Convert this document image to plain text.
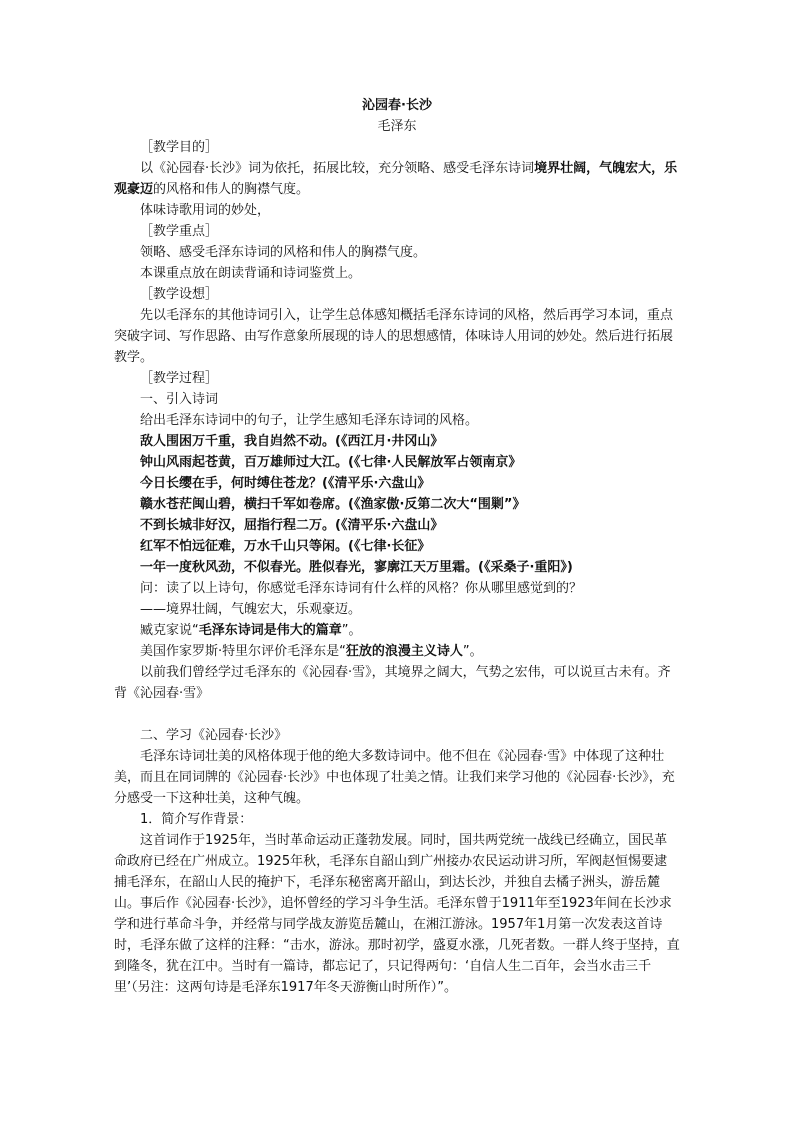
沁园春·长沙
毛泽东

［教学目的］

以《沁园春·长沙》词为依托，拓展比较，充分领略、感受毛泽东诗词境界壮阔，气魄宏大，乐观豪迈的风格和伟人的胸襟气度。

体味诗歌用词的妙处，

［教学重点］

领略、感受毛泽东诗词的风格和伟人的胸襟气度。

本课重点放在朗读背诵和诗词鉴赏上。

［教学设想］

先以毛泽东的其他诗词引入，让学生总体感知概括毛泽东诗词的风格，然后再学习本词，重点突破字词、写作思路、由写作意象所展现的诗人的思想感情，体味诗人用词的妙处。然后进行拓展教学。

［教学过程］

一、引入诗词

给出毛泽东诗词中的句子，让学生感知毛泽东诗词的风格。

敌人围困万千重，我自岿然不动。(《西江月·井冈山》

钟山风雨起苍黄，百万雄师过大江。(《七律·人民解放军占领南京》

今日长缨在手，何时缚住苍龙？(《清平乐·六盘山》

赣水苍茫闽山碧，横扫千军如卷席。(《渔家傲·反第二次大“围剿”》

不到长城非好汉，屈指行程二万。(《清平乐·六盘山》

红军不怕远征难，万水千山只等闲。(《七律·长征》

一年一度秋风劲，不似春光。胜似春光，寥廓江天万里霜。(《采桑子·重阳》)

问：读了以上诗句，你感觉毛泽东诗词有什么样的风格？你从哪里感觉到的？

——境界壮阔，气魄宏大，乐观豪迈。

臧克家说“毛泽东诗词是伟大的篇章”。

美国作家罗斯·特里尔评价毛泽东是“狂放的浪漫主义诗人”。

以前我们曾经学过毛泽东的《沁园春·雪》，其境界之阔大，气势之宏伟，可以说亘古未有。齐背《沁园春·雪》

二、学习《沁园春·长沙》

毛泽东诗词壮美的风格体现于他的绝大多数诗词中。他不但在《沁园春·雪》中体现了这种壮美，而且在同词牌的《沁园春·长沙》中也体现了壮美之情。让我们来学习他的《沁园春·长沙》，充分感受一下这种壮美，这种气魄。

1．简介写作背景：

这首词作于1925年，当时革命运动正蓬勃发展。同时，国共两党统一战线已经确立，国民革命政府已经在广州成立。1925年秋，毛泽东自韶山到广州接办农民运动讲习所，军阀赵恒惕要逮捕毛泽东，在韶山人民的掩护下，毛泽东秘密离开韶山，到达长沙，并独自去橘子洲头，游岳麓山。事后作《沁园春·长沙》，追怀曾经的学习斗争生活。毛泽东曾于1911年至1923年间在长沙求学和进行革命斗争，并经常与同学战友游览岳麓山，在湘江游泳。1957年1月第一次发表这首诗时，毛泽东做了这样的注释：“击水，游泳。那时初学，盛夏水涨，几死者数。一群人终于坚持，直到隆冬，犹在江中。当时有一篇诗，都忘记了，只记得两句：‘自信人生二百年，会当水击三千里’（另注：这两句诗是毛泽东1917年冬天游衡山时所作）”。
